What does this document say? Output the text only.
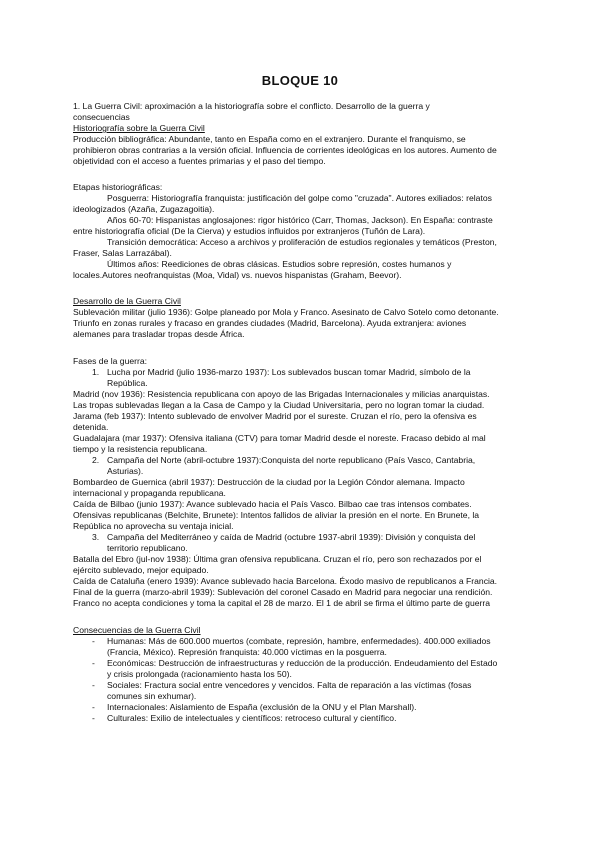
BLOQUE 10
1. La Guerra Civil: aproximación a la historiografía sobre el conflicto. Desarrollo de la guerra y
consecuencias
Historiografía sobre la Guerra Civil
Producción bibliográfica: Abundante, tanto en España como en el extranjero. Durante el franquismo, se
prohibieron obras contrarias a la versión oficial. Influencia de corrientes ideológicas en los autores. Aumento de
objetividad con el acceso a fuentes primarias y el paso del tiempo.
Etapas historiográficas:
Posguerra: Historiografía franquista: justificación del golpe como "cruzada". Autores exiliados: relatos
ideologizados (Azaña, Zugazagoitia).
Años 60-70: Hispanistas anglosajones: rigor histórico (Carr, Thomas, Jackson). En España: contraste
entre historiografía oficial (De la Cierva) y estudios influidos por extranjeros (Tuñón de Lara).
Transición democrática: Acceso a archivos y proliferación de estudios regionales y temáticos (Preston,
Fraser, Salas Larrazábal).
Últimos años: Reediciones de obras clásicas. Estudios sobre represión, costes humanos y
locales.Autores neofranquistas (Moa, Vidal) vs. nuevos hispanistas (Graham, Beevor).
Desarrollo de la Guerra Civil
Sublevación militar (julio 1936): Golpe planeado por Mola y Franco. Asesinato de Calvo Sotelo como detonante.
Triunfo en zonas rurales y fracaso en grandes ciudades (Madrid, Barcelona). Ayuda extranjera: aviones
alemanes para trasladar tropas desde África.
Fases de la guerra:
1. Lucha por Madrid (julio 1936-marzo 1937): Los sublevados buscan tomar Madrid, símbolo de la
República.
Madrid (nov 1936): Resistencia republicana con apoyo de las Brigadas Internacionales y milicias anarquistas.
Las tropas sublevadas llegan a la Casa de Campo y la Ciudad Universitaria, pero no logran tomar la ciudad.
Jarama (feb 1937): Intento sublevado de envolver Madrid por el sureste. Cruzan el río, pero la ofensiva es
detenida.
Guadalajara (mar 1937): Ofensiva italiana (CTV) para tomar Madrid desde el noreste. Fracaso debido al mal
tiempo y la resistencia republicana.
2. Campaña del Norte (abril-octubre 1937):Conquista del norte republicano (País Vasco, Cantabria,
Asturias).
Bombardeo de Guernica (abril 1937): Destrucción de la ciudad por la Legión Cóndor alemana. Impacto
internacional y propaganda republicana.
Caída de Bilbao (junio 1937): Avance sublevado hacia el País Vasco. Bilbao cae tras intensos combates.
Ofensivas republicanas (Belchite, Brunete): Intentos fallidos de aliviar la presión en el norte. En Brunete, la
República no aprovecha su ventaja inicial.
3. Campaña del Mediterráneo y caída de Madrid (octubre 1937-abril 1939): División y conquista del
territorio republicano.
Batalla del Ebro (jul-nov 1938): Última gran ofensiva republicana. Cruzan el río, pero son rechazados por el
ejército sublevado, mejor equipado.
Caída de Cataluña (enero 1939): Avance sublevado hacia Barcelona. Éxodo masivo de republicanos a Francia.
Final de la guerra (marzo-abril 1939): Sublevación del coronel Casado en Madrid para negociar una rendición.
Franco no acepta condiciones y toma la capital el 28 de marzo. El 1 de abril se firma el último parte de guerra
Consecuencias de la Guerra Civil
- Humanas: Más de 600.000 muertos (combate, represión, hambre, enfermedades). 400.000 exiliados
(Francia, México). Represión franquista: 40.000 víctimas en la posguerra.
- Económicas: Destrucción de infraestructuras y reducción de la producción. Endeudamiento del Estado
y crisis prolongada (racionamiento hasta los 50).
- Sociales: Fractura social entre vencedores y vencidos. Falta de reparación a las víctimas (fosas
comunes sin exhumar).
- Internacionales: Aislamiento de España (exclusión de la ONU y el Plan Marshall).
- Culturales: Exilio de intelectuales y científicos: retroceso cultural y científico.
